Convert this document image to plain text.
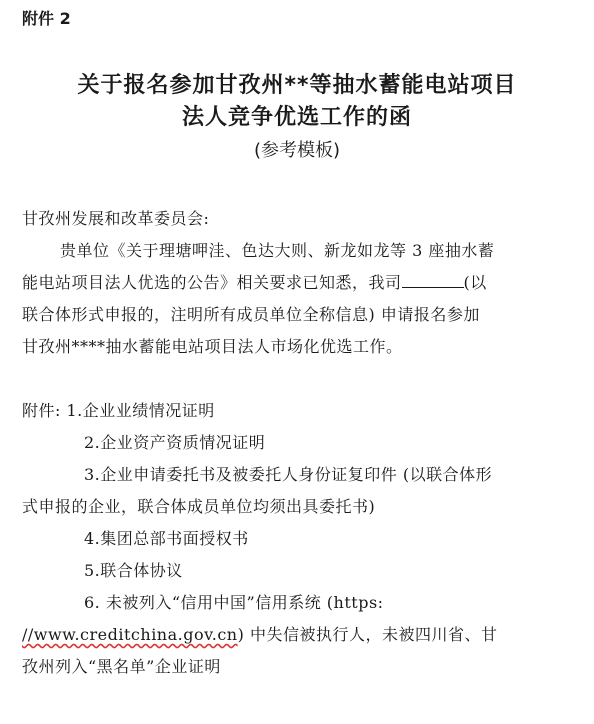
附件 2
关于报名参加甘孜州**等抽水蓄能电站项目
法人竞争优选工作的函
(参考模板)
甘孜州发展和改革委员会:
贵单位《关于理塘呷洼、色达大则、新龙如龙等 3 座抽水蓄
能电站项目法人优选的公告》相关要求已知悉，我司	(以
联合体形式申报的，注明所有成员单位全称信息) 申请报名参加
甘孜州****抽水蓄能电站项目法人市场化优选工作。
附件: 1.企业业绩情况证明
2.企业资产资质情况证明
3.企业申请委托书及被委托人身份证复印件 (以联合体形
式申报的企业，联合体成员单位均须出具委托书)
4.集团总部书面授权书
5.联合体协议
6. 未被列入“信用中国”信用系统 (https:
//www.creditchina.gov.cn) 中失信被执行人，未被四川省、甘
孜州列入“黑名单”企业证明
